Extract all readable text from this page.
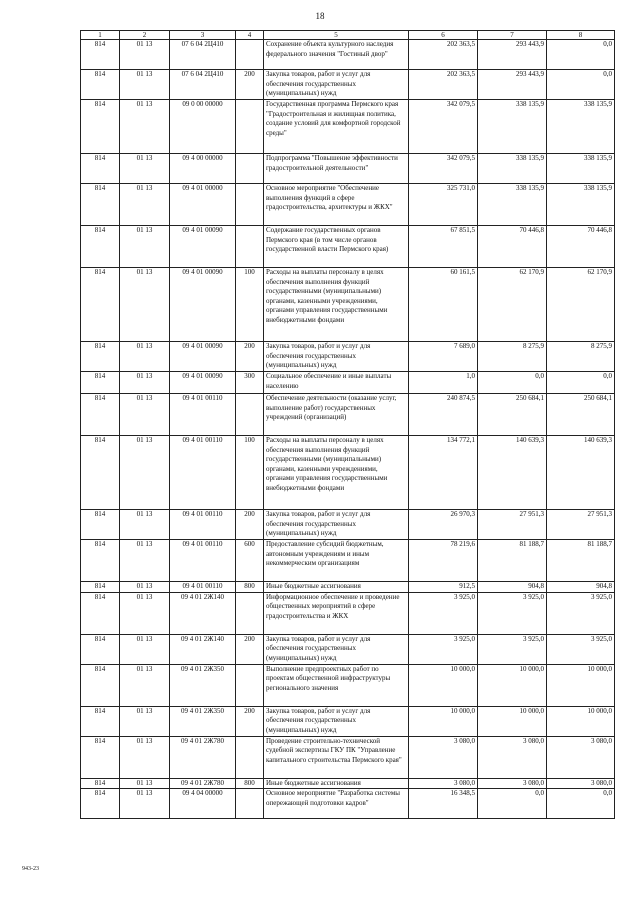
18
1	2	3	4	5	6	7	8
814	01 13	07 6 04 2Ц410		Сохранение объекта культурного наследия федерального значения "Гостиный двор"	202 363,5	293 443,9	0,0
814	01 13	07 6 04 2Ц410	200	Закупка товаров, работ и услуг для обеспечения государственных (муниципальных) нужд	202 363,5	293 443,9	0,0
814	01 13	09 0 00 00000		Государственная программа Пермского края "Градостроительная и жилищная политика, создание условий для комфортной городской среды"	342 079,5	338 135,9	338 135,9
814	01 13	09 4 00 00000		Подпрограмма "Повышение эффективности градостроительной деятельности"	342 079,5	338 135,9	338 135,9
814	01 13	09 4 01 00000		Основное мероприятие "Обеспечение выполнения функций в сфере градостроительства, архитектуры и ЖКХ"	325 731,0	338 135,9	338 135,9
814	01 13	09 4 01 00090		Содержание государственных органов Пермского края (в том числе органов государственной власти Пермского края)	67 851,5	70 446,8	70 446,8
814	01 13	09 4 01 00090	100	Расходы на выплаты персоналу в целях обеспечения выполнения функций государственными (муниципальными) органами, казенными учреждениями, органами управления государственными внебюджетными фондами	60 161,5	62 170,9	62 170,9
814	01 13	09 4 01 00090	200	Закупка товаров, работ и услуг для обеспечения государственных (муниципальных) нужд	7 689,0	8 275,9	8 275,9
814	01 13	09 4 01 00090	300	Социальное обеспечение и иные выплаты населению	1,0	0,0	0,0
814	01 13	09 4 01 00110		Обеспечение деятельности (оказание услуг, выполнение работ) государственных учреждений (организаций)	240 874,5	250 684,1	250 684,1
814	01 13	09 4 01 00110	100	Расходы на выплаты персоналу в целях обеспечения выполнения функций государственными (муниципальными) органами, казенными учреждениями, органами управления государственными внебюджетными фондами	134 772,1	140 639,3	140 639,3
814	01 13	09 4 01 00110	200	Закупка товаров, работ и услуг для обеспечения государственных (муниципальных) нужд	26 970,3	27 951,3	27 951,3
814	01 13	09 4 01 00110	600	Предоставление субсидий бюджетным, автономным учреждениям и иным некоммерческим организациям	78 219,6	81 188,7	81 188,7
814	01 13	09 4 01 00110	800	Иные бюджетные ассигнования	912,5	904,8	904,8
814	01 13	09 4 01 2Ж140		Информационное обеспечение и проведение общественных мероприятий в сфере градостроительства и ЖКХ	3 925,0	3 925,0	3 925,0
814	01 13	09 4 01 2Ж140	200	Закупка товаров, работ и услуг для обеспечения государственных (муниципальных) нужд	3 925,0	3 925,0	3 925,0
814	01 13	09 4 01 2Ж350		Выполнение предпроектных работ по проектам общественной инфраструктуры регионального значения	10 000,0	10 000,0	10 000,0
814	01 13	09 4 01 2Ж350	200	Закупка товаров, работ и услуг для обеспечения государственных (муниципальных) нужд	10 000,0	10 000,0	10 000,0
814	01 13	09 4 01 2Ж780		Проведение строительно-технической судебной экспертизы ГКУ ПК "Управление капитального строительства Пермского края"	3 080,0	3 080,0	3 080,0
814	01 13	09 4 01 2Ж780	800	Иные бюджетные ассигнования	3 080,0	3 080,0	3 080,0
814	01 13	09 4 04 00000		Основное мероприятие "Разработка системы опережающей подготовки кадров"	16 348,5	0,0	0,0
943-23
